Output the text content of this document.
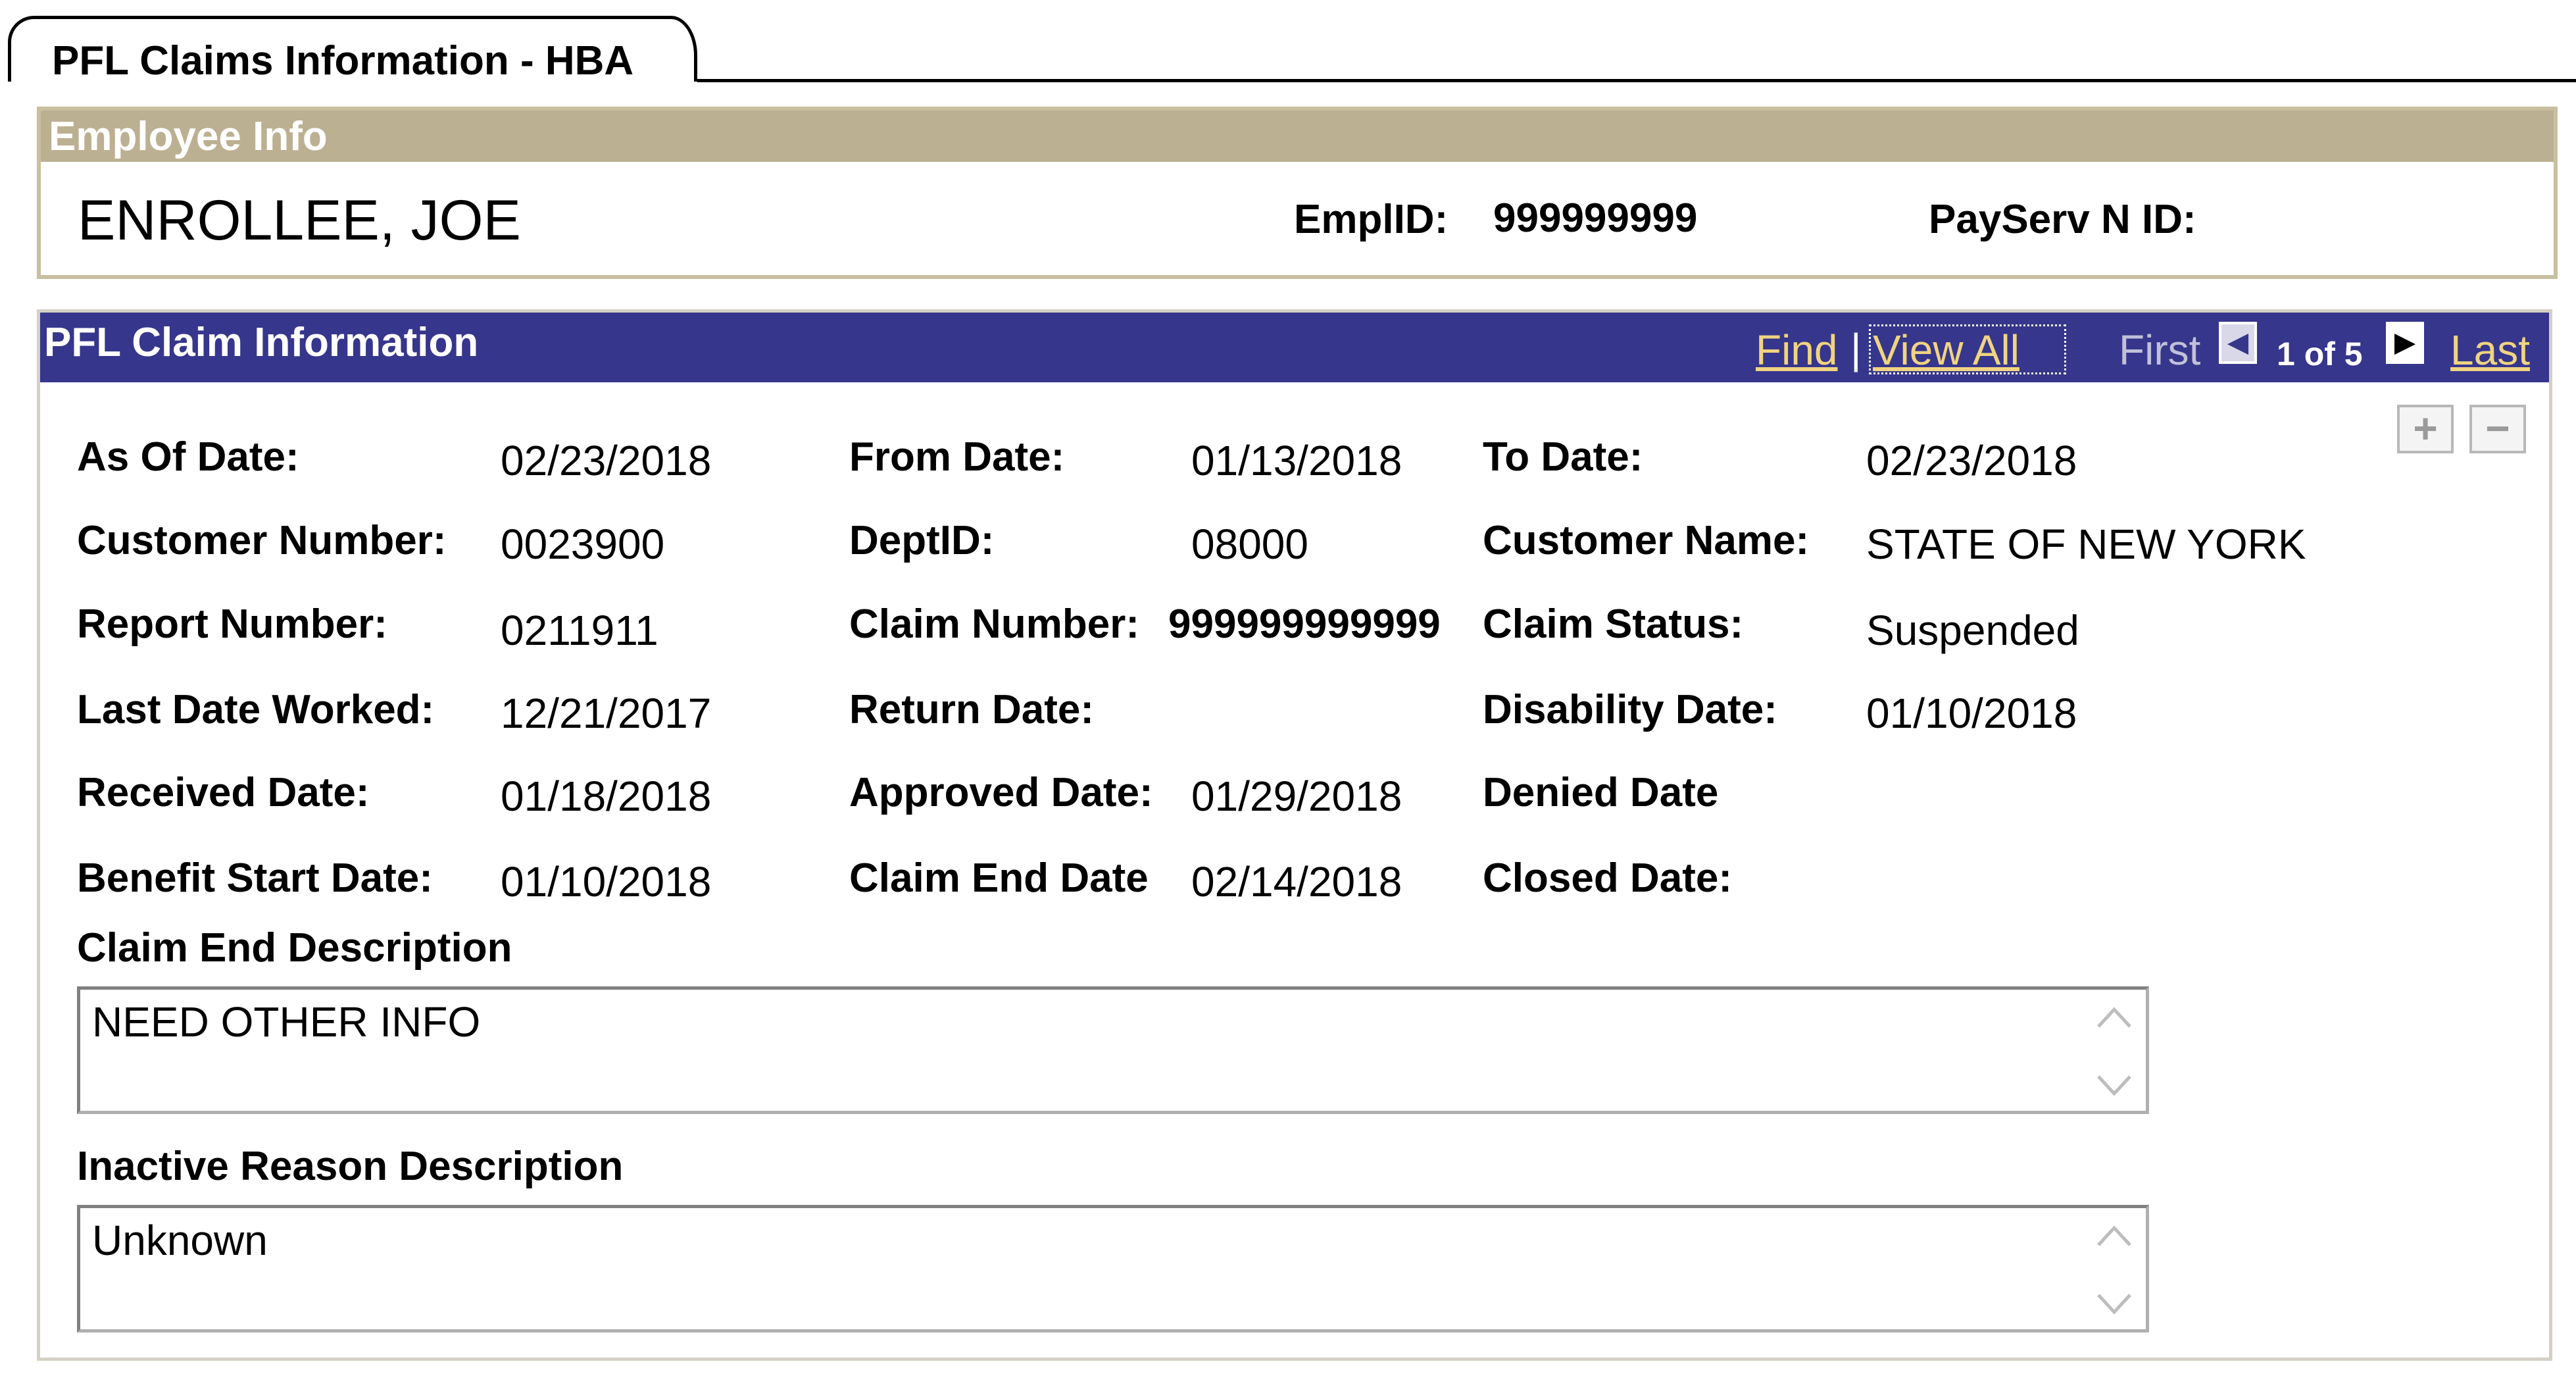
PFL Claims Information - HBA
Employee Info
ENROLLEE, JOE	EmplID: 999999999	PayServ N ID:
PFL Claim Information	Find | View All First ◀ 1 of 5	▶ Last
+	−
As Of Date:	02/23/2018	From Date:	01/13/2018 To Date:	02/23/2018
Customer Number: 0023900	DeptID:	08000	Customer Name: STATE OF NEW YORK
Report Number:	0211911	Claim Number: 999999999999 Claim Status:	Suspended
Last Date Worked: 12/21/2017	Return Date:	Disability Date: 01/10/2018
Received Date:	01/18/2018	Approved Date: 01/29/2018 Denied Date
Benefit Start Date: 01/10/2018	Claim End Date 02/14/2018 Closed Date:
Claim End Description
NEED OTHER INFO
Inactive Reason Description
Unknown
